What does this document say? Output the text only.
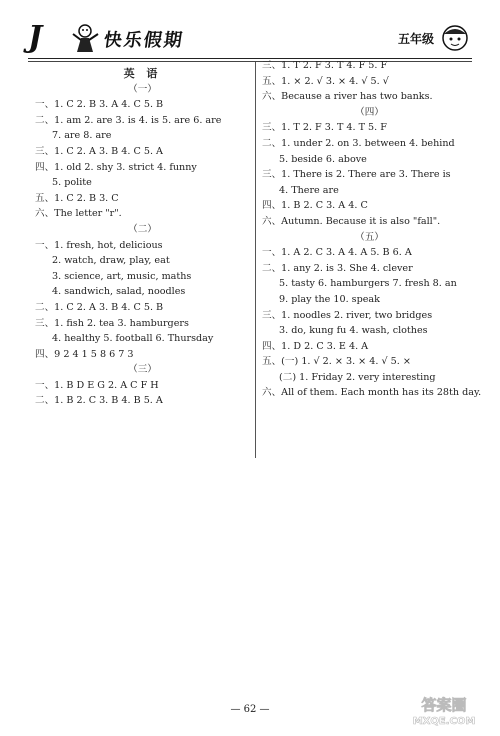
J	快乐假期	五年级
英 语
（一）
一、1. C 2. B 3. A 4. C 5. B
二、1. am 2. are 3. is 4. is 5. are 6. are
7. are 8. are
三、1. C 2. A 3. B 4. C 5. A
四、1. old 2. shy 3. strict 4. funny
5. polite
五、1. C 2. B 3. C
六、The letter "r".
（二）
一、1. fresh, hot, delicious
2. watch, draw, play, eat
3. science, art, music, maths
4. sandwich, salad, noodles
二、1. C 2. A 3. B 4. C 5. B
三、1. fish 2. tea 3. hamburgers
4. healthy 5. football 6. Thursday
四、9 2 4 1 5 8 6 7 3
（三）
一、1. B D E G 2. A C F H
二、1. B 2. C 3. B 4. B 5. A
三、1. T 2. F 3. T 4. F 5. F
五、1. × 2. √ 3. × 4. √ 5. √
六、Because a river has two banks.
（四）
三、1. T 2. F 3. T 4. T 5. F
二、1. under 2. on 3. between 4. behind
5. beside 6. above
三、1. There is 2. There are 3. There is
4. There are
四、1. B 2. C 3. A 4. C
六、Autumn. Because it is also "fall".
（五）
一、1. A 2. C 3. A 4. A 5. B 6. A
二、1. any 2. is 3. She 4. clever
5. tasty 6. hamburgers 7. fresh 8. an
9. play the 10. speak
三、1. noodles 2. river, two bridges
3. do, kung fu 4. wash, clothes
四、1. D 2. C 3. E 4. A
五、(一) 1. √ 2. × 3. × 4. √ 5. ×
(二) 1. Friday 2. very interesting
六、All of them. Each month has its 28th day.
— 62 —	答案圈
MXQE.COM
